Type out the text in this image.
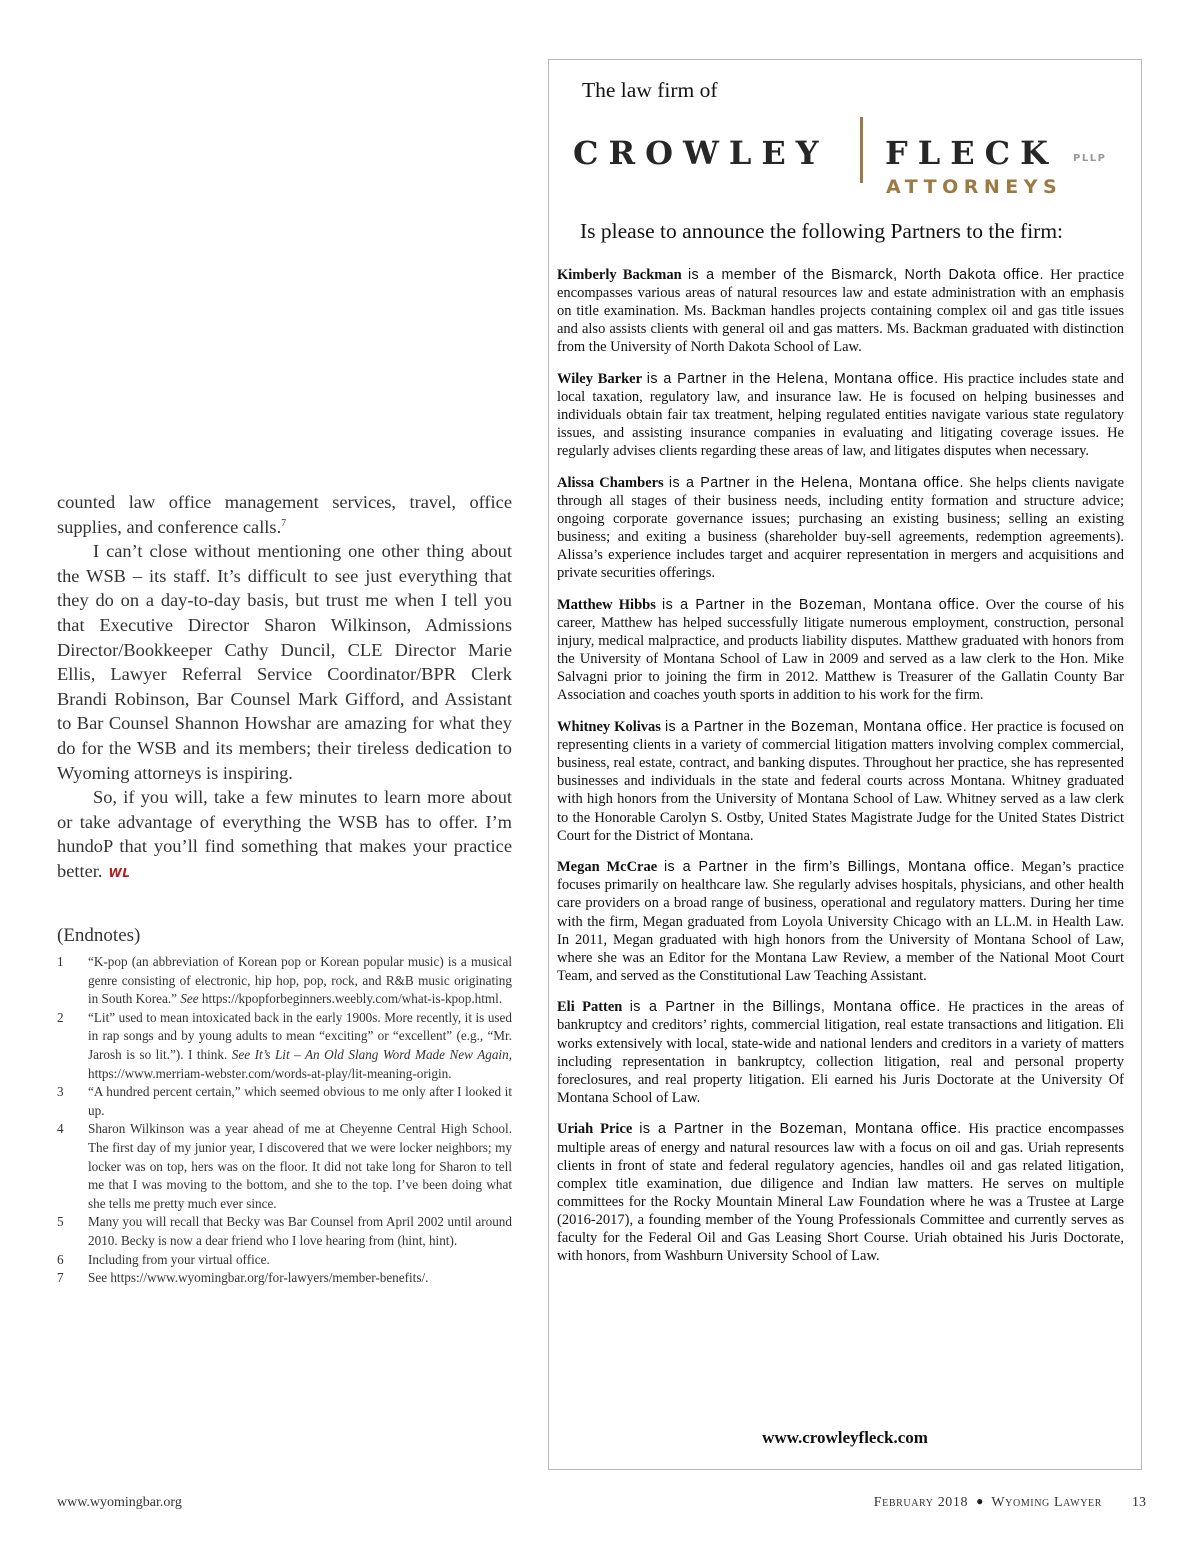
counted law office management services, travel, office supplies, and conference calls.$^7$

I can’t close without mentioning one other thing about the WSB – its staff. It’s difficult to see just everything that they do on a day-to-day basis, but trust me when I tell you that Executive Director Sharon Wilkinson, Admissions Director/Bookkeeper Cathy Duncil, CLE Director Marie Ellis, Lawyer Referral Service Coordinator/BPR Clerk Brandi Robinson, Bar Counsel Mark Gifford, and Assistant to Bar Counsel Shannon Howshar are amazing for what they do for the WSB and its members; their tireless dedication to Wyoming attorneys is inspiring.

So, if you will, take a few minutes to learn more about or take advantage of everything the WSB has to offer. I’m hundoP that you’ll find something that makes your practice better. WL

(Endnotes)
1	“K-pop (an abbreviation of Korean pop or Korean popular music) is a musical genre consisting of electronic, hip hop, pop, rock, and R&B music originating in South Korea.” See https://kpopforbeginners.weebly.com/what-is-kpop.html.
2	“Lit” used to mean intoxicated back in the early 1900s. More recently, it is used in rap songs and by young adults to mean “exciting” or “excellent” (e.g., “Mr. Jarosh is so lit.”). I think. See It’s Lit – An Old Slang Word Made New Again, https://www.merriam-webster.com/words-at-play/lit-meaning-origin.
3	“A hundred percent certain,” which seemed obvious to me only after I looked it up.
4	Sharon Wilkinson was a year ahead of me at Cheyenne Central High School. The first day of my junior year, I discovered that we were locker neighbors; my locker was on top, hers was on the floor. It did not take long for Sharon to tell me that I was moving to the bottom, and she to the top. I’ve been doing what she tells me pretty much ever since.
5	Many you will recall that Becky was Bar Counsel from April 2002 until around 2010. Becky is now a dear friend who I love hearing from (hint, hint).
6	Including from your virtual office.
7	See https://www.wyomingbar.org/for-lawyers/member-benefits/.
The law firm of
CROWLEY FLECK PLLP
ATTORNEYS
Is please to announce the following Partners to the firm:

Kimberly Backman is a member of the Bismarck, North Dakota office. Her practice encompasses various areas of natural resources law and estate administration with an emphasis on title examination. Ms. Backman handles projects containing complex oil and gas title issues and also assists clients with general oil and gas matters. Ms. Backman graduated with distinction from the University of North Dakota School of Law.

Wiley Barker is a Partner in the Helena, Montana office. His practice includes state and local taxation, regulatory law, and insurance law. He is focused on helping businesses and individuals obtain fair tax treatment, helping regulated entities navigate various state regulatory issues, and assisting insurance companies in evaluating and litigating coverage issues. He regularly advises clients regarding these areas of law, and litigates disputes when necessary.

Alissa Chambers is a Partner in the Helena, Montana office. She helps clients navigate through all stages of their business needs, including entity formation and structure advice; ongoing corporate governance issues; purchasing an existing business; selling an existing business; and exiting a business (shareholder buy-sell agreements, redemption agreements). Alissa’s experience includes target and acquirer representation in mergers and acquisitions and private securities offerings.

Matthew Hibbs is a Partner in the Bozeman, Montana office. Over the course of his career, Matthew has helped successfully litigate numerous employment, construction, personal injury, medical malpractice, and products liability disputes. Matthew graduated with honors from the University of Montana School of Law in 2009 and served as a law clerk to the Hon. Mike Salvagni prior to joining the firm in 2012. Matthew is Treasurer of the Gallatin County Bar Association and coaches youth sports in addition to his work for the firm.

Whitney Kolivas is a Partner in the Bozeman, Montana office. Her practice is focused on representing clients in a variety of commercial litigation matters involving complex commercial, business, real estate, contract, and banking disputes. Throughout her practice, she has represented businesses and individuals in the state and federal courts across Montana. Whitney graduated with high honors from the University of Montana School of Law. Whitney served as a law clerk to the Honorable Carolyn S. Ostby, United States Magistrate Judge for the United States District Court for the District of Montana.

Megan McCrae is a Partner in the firm’s Billings, Montana office. Megan’s practice focuses primarily on healthcare law. She regularly advises hospitals, physicians, and other health care providers on a broad range of business, operational and regulatory matters. During her time with the firm, Megan graduated from Loyola University Chicago with an LL.M. in Health Law. In 2011, Megan graduated with high honors from the University of Montana School of Law, where she was an Editor for the Montana Law Review, a member of the National Moot Court Team, and served as the Constitutional Law Teaching Assistant.

Eli Patten is a Partner in the Billings, Montana office. He practices in the areas of bankruptcy and creditors’ rights, commercial litigation, real estate transactions and litigation. Eli works extensively with local, state-wide and national lenders and creditors in a variety of matters including representation in bankruptcy, collection litigation, real and personal property foreclosures, and real property litigation. Eli earned his Juris Doctorate at the University Of Montana School of Law.

Uriah Price is a Partner in the Bozeman, Montana office. His practice encompasses multiple areas of energy and natural resources law with a focus on oil and gas. Uriah represents clients in front of state and federal regulatory agencies, handles oil and gas related litigation, complex title examination, due diligence and Indian law matters. He serves on multiple committees for the Rocky Mountain Mineral Law Foundation where he was a Trustee at Large (2016-2017), a founding member of the Young Professionals Committee and currently serves as faculty for the Federal Oil and Gas Leasing Short Course. Uriah obtained his Juris Doctorate, with honors, from Washburn University School of Law.

www.crowleyfleck.com
www.wyomingbar.org	February 2018 ● Wyoming Lawyer 13
